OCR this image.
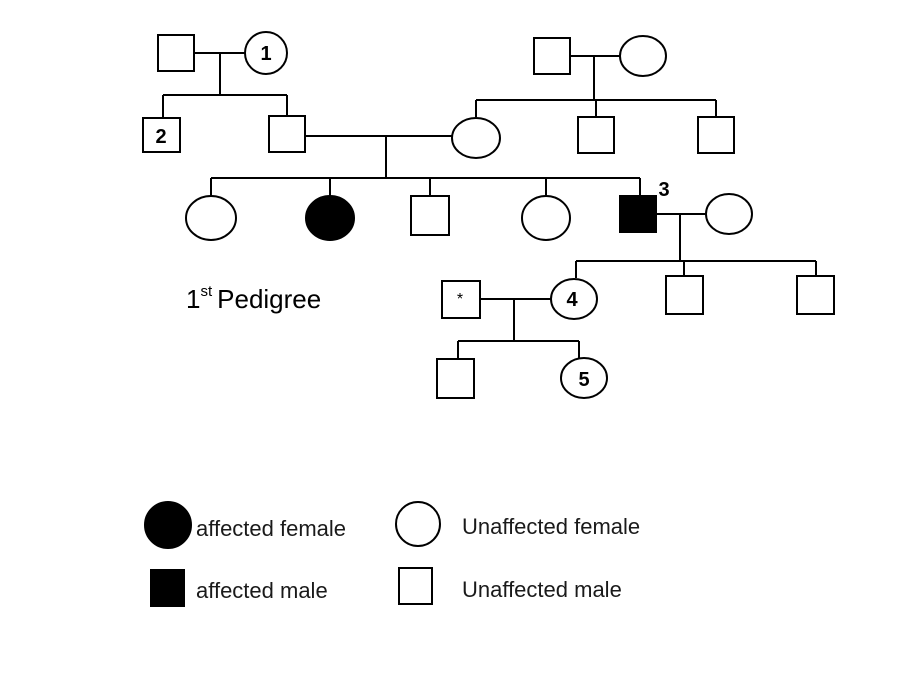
1
2
3
4
*
5
1st Pedigree
affected female	Unaffected female
affected male	Unaffected male
